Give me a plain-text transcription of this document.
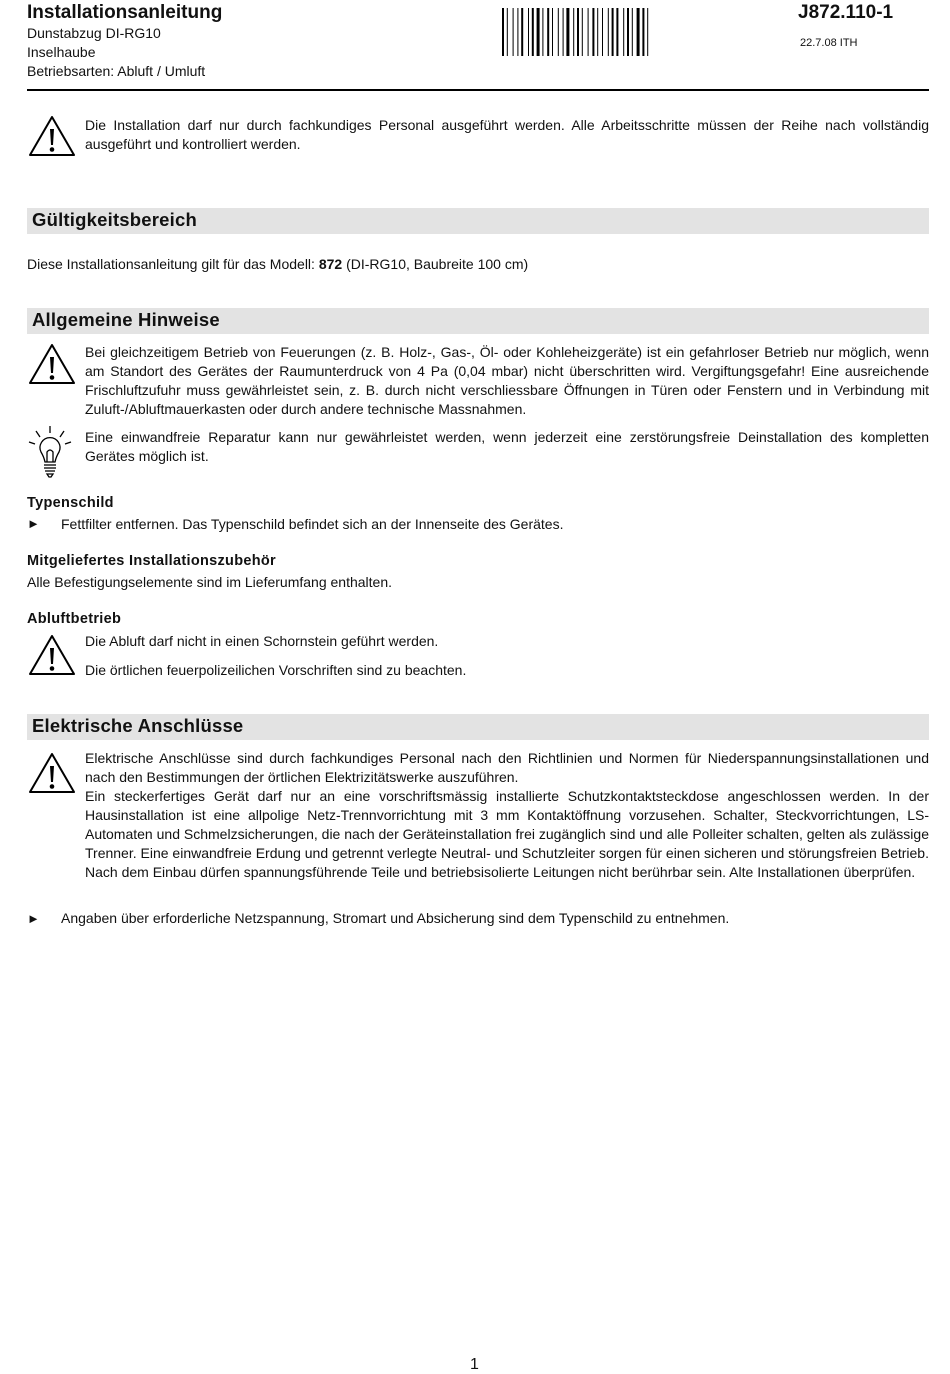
Installationsanleitung
Dunstabzug DI-RG10
Inselhaube
Betriebsarten: Abluft / Umluft
J872.110-1
22.7.08 ITH
Die Installation darf nur durch fachkundiges Personal ausgeführt werden. Alle Arbeitsschritte müssen der Reihe nach vollständig ausgeführt und kontrolliert werden.
Gültigkeitsbereich
Diese Installationsanleitung gilt für das Modell: 872 (DI-RG10, Baubreite 100 cm)
Allgemeine Hinweise
Bei gleichzeitigem Betrieb von Feuerungen (z. B. Holz-, Gas-, Öl- oder Kohleheizgeräte) ist ein gefahrloser Betrieb nur möglich, wenn am Standort des Gerätes der Raumunterdruck von 4 Pa (0,04 mbar) nicht überschritten wird. Vergiftungsgefahr! Eine ausreichende Frischluftzufuhr muss gewährleistet sein, z. B. durch nicht verschliessbare Öffnungen in Türen oder Fenstern und in Verbindung mit Zuluft-/Abluftmauerkasten oder durch andere technische Massnahmen.
Eine einwandfreie Reparatur kann nur gewährleistet werden, wenn jederzeit eine zerstörungsfreie Deinstallation des kompletten Gerätes möglich ist.
Typenschild
► Fettfilter entfernen. Das Typenschild befindet sich an der Innenseite des Gerätes.
Mitgeliefertes Installationszubehör
Alle Befestigungselemente sind im Lieferumfang enthalten.
Abluftbetrieb
Die Abluft darf nicht in einen Schornstein geführt werden.
Die örtlichen feuerpolizeilichen Vorschriften sind zu beachten.
Elektrische Anschlüsse
Elektrische Anschlüsse sind durch fachkundiges Personal nach den Richtlinien und Normen für Niederspannungsinstallationen und nach den Bestimmungen der örtlichen Elektrizitätswerke auszuführen.
Ein steckerfertiges Gerät darf nur an eine vorschriftsmässig installierte Schutzkontaktsteckdose angeschlossen werden. In der Hausinstallation ist eine allpolige Netz-Trennvorrichtung mit 3 mm Kontaktöffnung vorzusehen. Schalter, Steckvorrichtungen, LS-Automaten und Schmelzsicherungen, die nach der Geräteinstallation frei zugänglich sind und alle Polleiter schalten, gelten als zulässige Trenner. Eine einwandfreie Erdung und getrennt verlegte Neutral- und Schutzleiter sorgen für einen sicheren und störungsfreien Betrieb. Nach dem Einbau dürfen spannungsführende Teile und betriebsisolierte Leitungen nicht berührbar sein. Alte Installationen überprüfen.
► Angaben über erforderliche Netzspannung, Stromart und Absicherung sind dem Typenschild zu entnehmen.
1
